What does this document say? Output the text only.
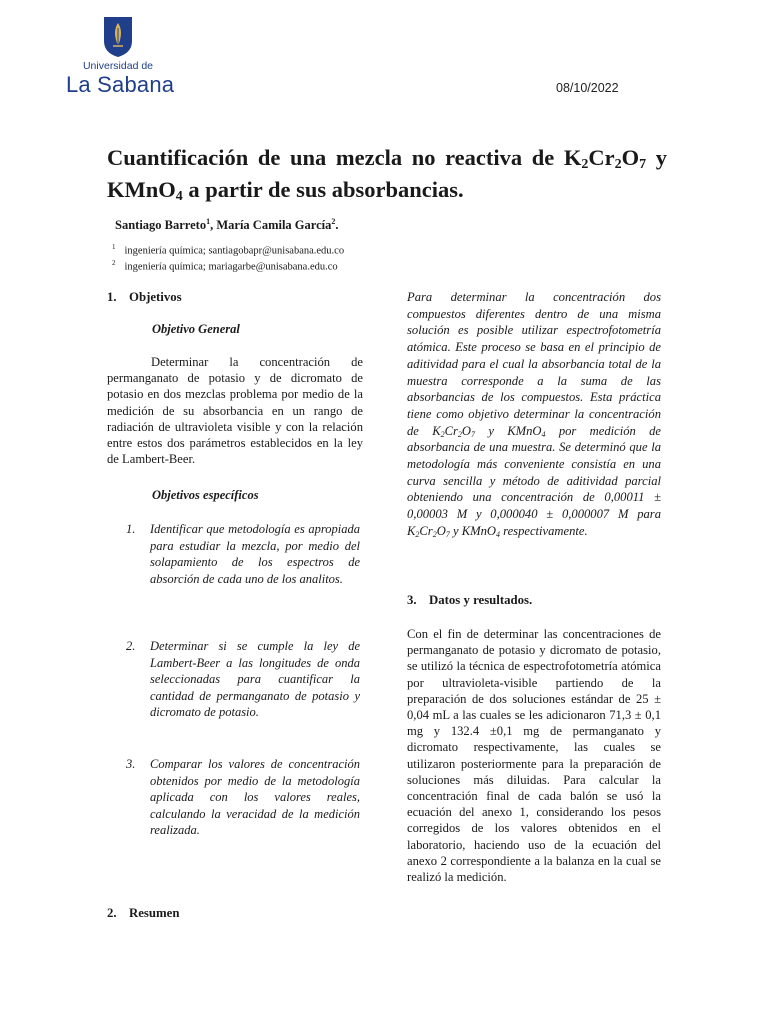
Universidad de
La Sabana	08/10/2022
Cuantificación de una mezcla no reactiva de $K_2Cr_2O_7$ y KMnO$_4$ a partir de sus absorbancias.
Santiago Barreto$^1$, María Camila García$^2$.
$^1$ ingeniería química; santiagobapr@unisabana.edu.co
$^2$ ingeniería química; mariagarbe@unisabana.edu.co
1. Objetivos
Objetivo General
Determinar la concentración de permanganato de potasio y de dicromato de potasio en dos mezclas problema por medio de la medición de su absorbancia en un rango de radiación de ultravioleta visible y con la relación entre estos dos parámetros establecidos en la ley de Lambert-Beer.
Objetivos específicos
1. Identificar que metodología es apropiada para estudiar la mezcla, por medio del solapamiento de los espectros de absorción de cada uno de los analitos.
2. Determinar si se cumple la ley de Lambert-Beer a las longitudes de onda seleccionadas para cuantificar la cantidad de permanganato de potasio y dicromato de potasio.
3. Comparar los valores de concentración obtenidos por medio de la metodología aplicada con los valores reales, calculando la veracidad de la medición realizada.
2. Resumen
Para determinar la concentración dos compuestos diferentes dentro de una misma solución es posible utilizar espectrofotometría atómica. Este proceso se basa en el principio de aditividad para el cual la absorbancia total de la muestra corresponde a la suma de las absorbancias de los compuestos. Esta práctica tiene como objetivo determinar la concentración de $K_2Cr_2O_7$ y KMnO$_4$ por medición de absorbancia de una muestra. Se determinó que la metodología más conveniente consistía en una curva sencilla y método de aditividad parcial obteniendo una concentración de 0,00011 ± 0,00003 M y 0,000040 ± 0,000007 M para $K_2Cr_2O_7$ y KMnO$_4$ respectivamente.
3. Datos y resultados.
Con el fin de determinar las concentraciones de permanganato de potasio y dicromato de potasio, se utilizó la técnica de espectrofotometría atómica por ultravioleta-visible partiendo de la preparación de dos soluciones estándar de 25 ± 0,04 mL a las cuales se les adicionaron 71,3 ± 0,1 mg y 132.4 ±0,1 mg de permanganato y dicromato respectivamente, las cuales se utilizaron posteriormente para la preparación de soluciones más diluidas. Para calcular la concentración final de cada balón se usó la ecuación del anexo 1, considerando los pesos corregidos de los valores obtenidos en el laboratorio, haciendo uso de la ecuación del anexo 2 correspondiente a la balanza en la cual se realizó la medición.
